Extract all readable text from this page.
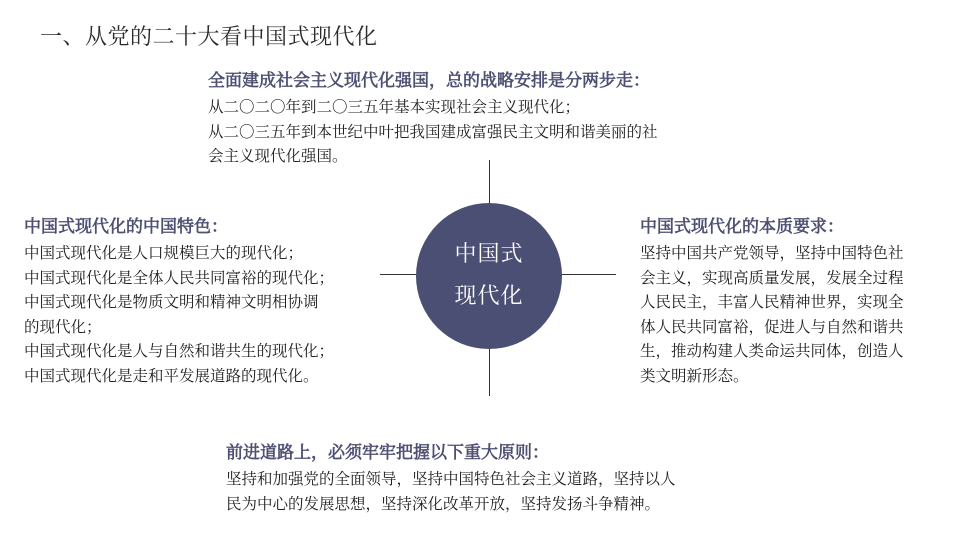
一、从党的二十大看中国式现代化
中国式
现代化
全面建成社会主义现代化强国，总的战略安排是分两步走：
从二〇二〇年到二〇三五年基本实现社会主义现代化；
从二〇三五年到本世纪中叶把我国建成富强民主文明和谐美丽的社
会主义现代化强国。
中国式现代化的中国特色：
中国式现代化是人口规模巨大的现代化；
中国式现代化是全体人民共同富裕的现代化；
中国式现代化是物质文明和精神文明相协调
的现代化；
中国式现代化是人与自然和谐共生的现代化；
中国式现代化是走和平发展道路的现代化。
中国式现代化的本质要求：
坚持中国共产党领导，坚持中国特色社
会主义，实现高质量发展，发展全过程
人民民主，丰富人民精神世界，实现全
体人民共同富裕，促进人与自然和谐共
生，推动构建人类命运共同体，创造人
类文明新形态。
前进道路上，必须牢牢把握以下重大原则：
坚持和加强党的全面领导，坚持中国特色社会主义道路，坚持以人
民为中心的发展思想，坚持深化改革开放，坚持发扬斗争精神。
